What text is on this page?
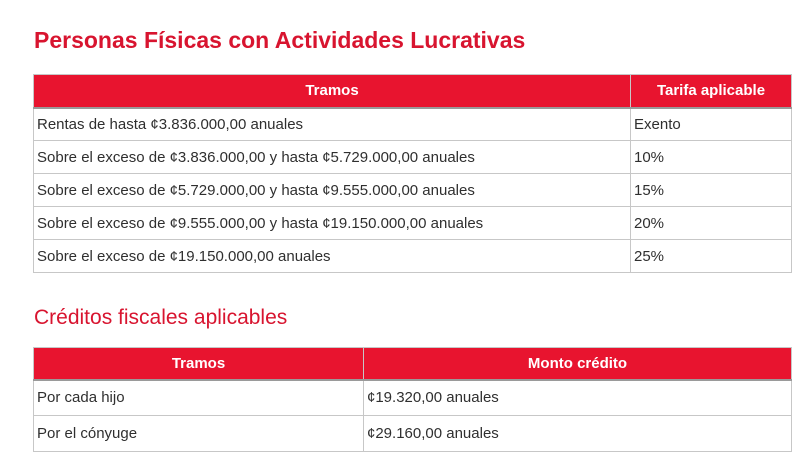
Personas Físicas con Actividades Lucrativas
Tramos	Tarifa aplicable
Rentas de hasta ¢3.836.000,00 anuales	Exento
Sobre el exceso de ¢3.836.000,00 y hasta ¢5.729.000,00 anuales	10%
Sobre el exceso de ¢5.729.000,00 y hasta ¢9.555.000,00 anuales	15%
Sobre el exceso de ¢9.555.000,00 y hasta ¢19.150.000,00 anuales	20%
Sobre el exceso de ¢19.150.000,00 anuales	25%
Créditos fiscales aplicables
Tramos	Monto crédito
Por cada hijo	¢19.320,00 anuales
Por el cónyuge	¢29.160,00 anuales
